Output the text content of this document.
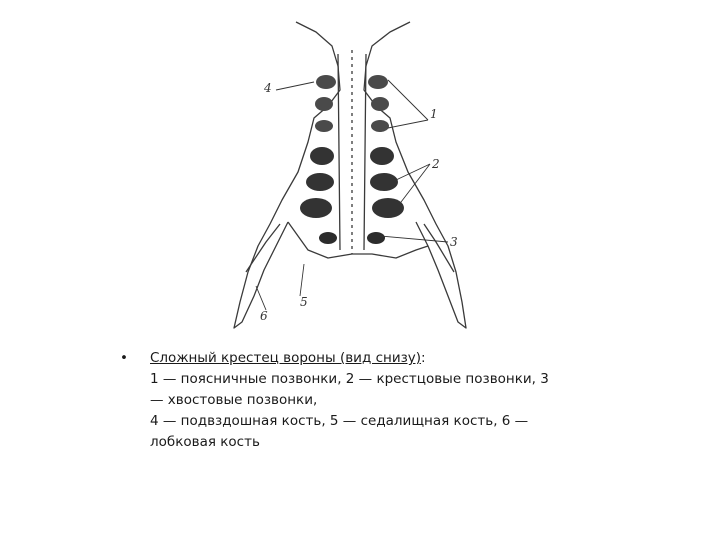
4
1
2
3
5
6
• Сложный крестец вороны (вид снизу):
1 — поясничные позвонки, 2 — крестцовые позвонки, 3
— хвостовые позвонки,
4 — подвздошная кость, 5 — седалищная кость, 6 —
лобковая кость
